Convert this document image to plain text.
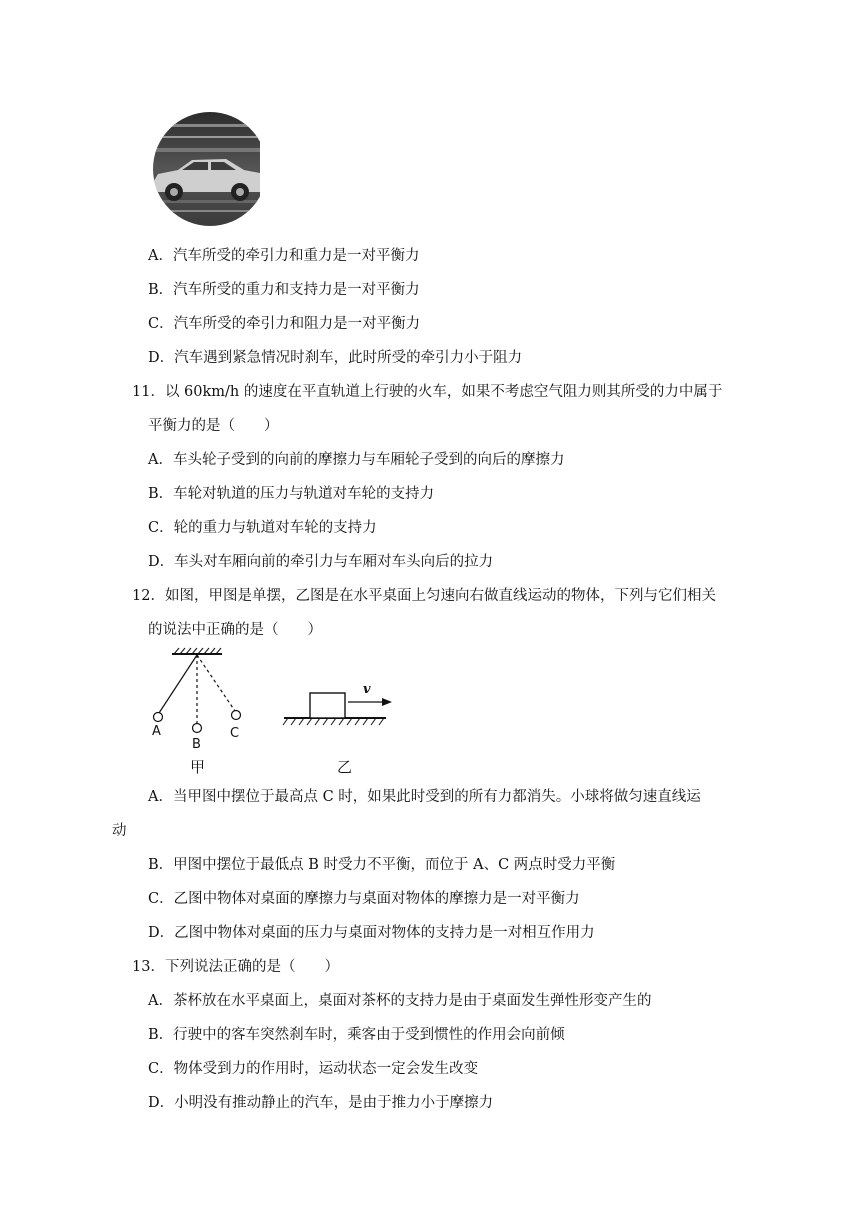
A．汽车所受的牵引力和重力是一对平衡力
B．汽车所受的重力和支持力是一对平衡力
C．汽车所受的牵引力和阻力是一对平衡力
D．汽车遇到紧急情况时刹车，此时所受的牵引力小于阻力
11．以 60km/h 的速度在平直轨道上行驶的火车，如果不考虑空气阻力则其所受的力中属于
平衡力的是（　　）
A．车头轮子受到的向前的摩擦力与车厢轮子受到的向后的摩擦力
B．车轮对轨道的压力与轨道对车轮的支持力
C．轮的重力与轨道对车轮的支持力
D．车头对车厢向前的牵引力与车厢对车头向后的拉力
12．如图，甲图是单摆，乙图是在水平桌面上匀速向右做直线运动的物体，下列与它们相关
的说法中正确的是（　　）
A
B
C
v
甲	乙
A．当甲图中摆位于最高点 C 时，如果此时受到的所有力都消失。小球将做匀速直线运
动
B．甲图中摆位于最低点 B 时受力不平衡，而位于 A、C 两点时受力平衡
C．乙图中物体对桌面的摩擦力与桌面对物体的摩擦力是一对平衡力
D．乙图中物体对桌面的压力与桌面对物体的支持力是一对相互作用力
13．下列说法正确的是（　　）
A．茶杯放在水平桌面上，桌面对茶杯的支持力是由于桌面发生弹性形变产生的
B．行驶中的客车突然刹车时，乘客由于受到惯性的作用会向前倾
C．物体受到力的作用时，运动状态一定会发生改变
D．小明没有推动静止的汽车，是由于推力小于摩擦力
